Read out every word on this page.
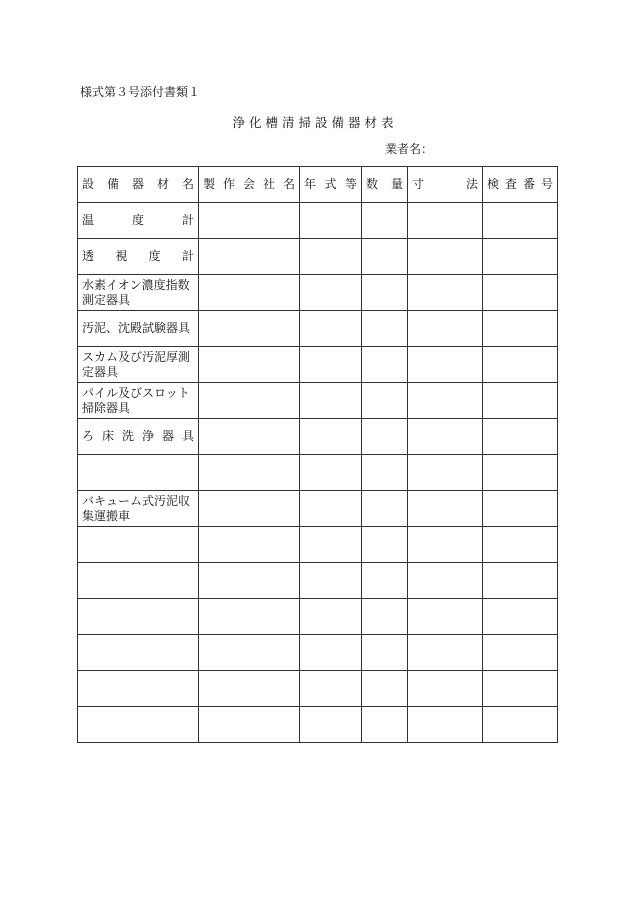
様式第３号添付書類１
浄化槽清掃設備器材表
業者名：
設備器材名	製作会社名	年式等	数量	寸法	検査番号
温度計					
透視度計					
水素イオン濃度指数測定器具					
汚泥、沈殿試験器具					
スカム及び汚泥厚測定器具					
パイル及びスロット掃除器具					
ろ床洗浄器具					

バキューム式汚泥収集運搬車					
